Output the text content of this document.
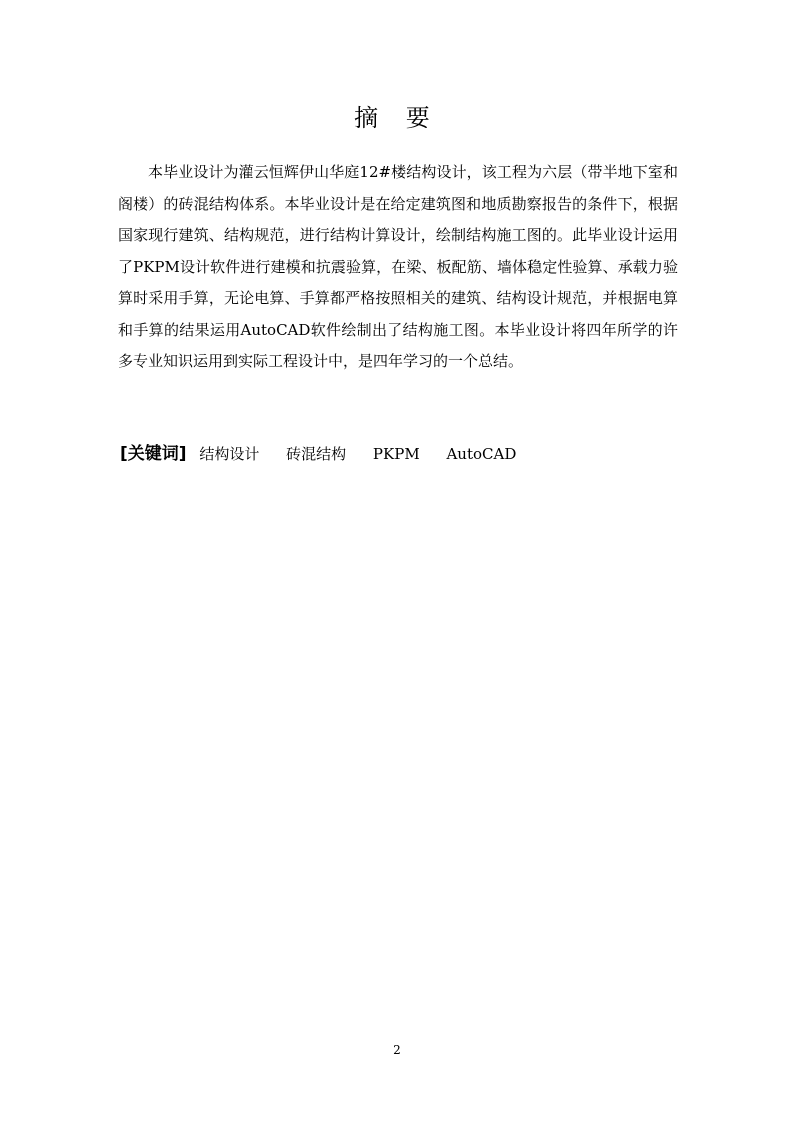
摘 要

本毕业设计为灌云恒辉伊山华庭12#楼结构设计，该工程为六层（带半地下室和阁楼）的砖混结构体系。本毕业设计是在给定建筑图和地质勘察报告的条件下，根据国家现行建筑、结构规范，进行结构计算设计，绘制结构施工图的。此毕业设计运用了PKPM设计软件进行建模和抗震验算，在梁、板配筋、墙体稳定性验算、承载力验算时采用手算，无论电算、手算都严格按照相关的建筑、结构设计规范，并根据电算和手算的结果运用AutoCAD软件绘制出了结构施工图。本毕业设计将四年所学的许多专业知识运用到实际工程设计中，是四年学习的一个总结。

[关键词] 结构设计 砖混结构 PKPM AutoCAD
2
